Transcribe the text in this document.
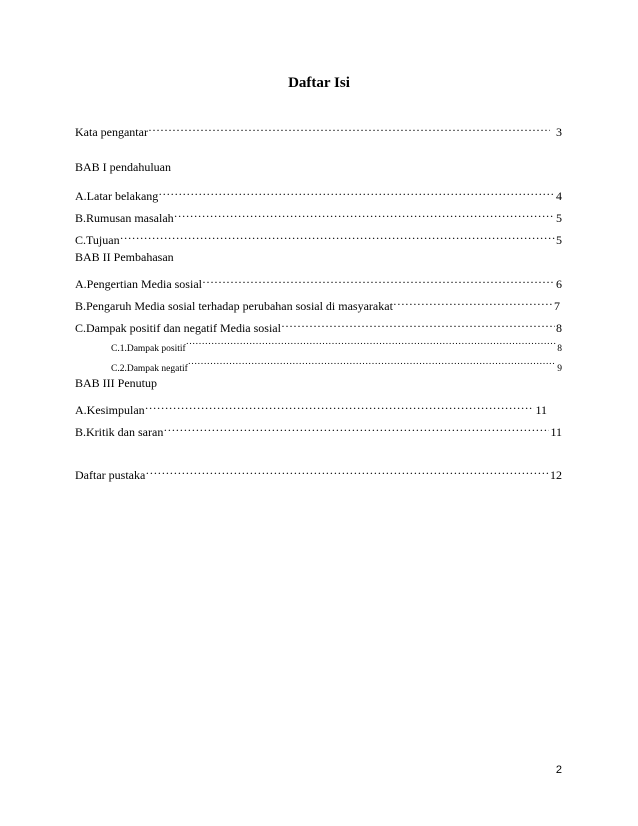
Daftar Isi
Kata pengantar ……………………………………………………………………………………………………………………………………………………………	3
BAB I pendahuluan
A.Latar belakang ……………………………………………………………………………………………………………………………………………………………	4
B.Rumusan masalah ……………………………………………………………………………………………………………………………………………………………	5
C.Tujuan ……………………………………………………………………………………………………………………………………………………………	5
BAB II Pembahasan
A.Pengertian Media sosial ……………………………………………………………………………………………………………………………………………………………	6
B.Pengaruh Media sosial terhadap perubahan sosial di masyarakat ……………………………………………………………………………………………………………………………………………………………	7
C.Dampak positif dan negatif Media sosial ……………………………………………………………………………………………………………………………………………………………	8
C.1.Dampak positif ……………………………………………………………………………………………………………………………………………………………	8
C.2.Dampak negatif ……………………………………………………………………………………………………………………………………………………………	9
BAB III Penutup
A.Kesimpulan ……………………………………………………………………………………………………………………………………………………………	11
B.Kritik dan saran ……………………………………………………………………………………………………………………………………………………………	11
Daftar pustaka ……………………………………………………………………………………………………………………………………………………………	12
2
